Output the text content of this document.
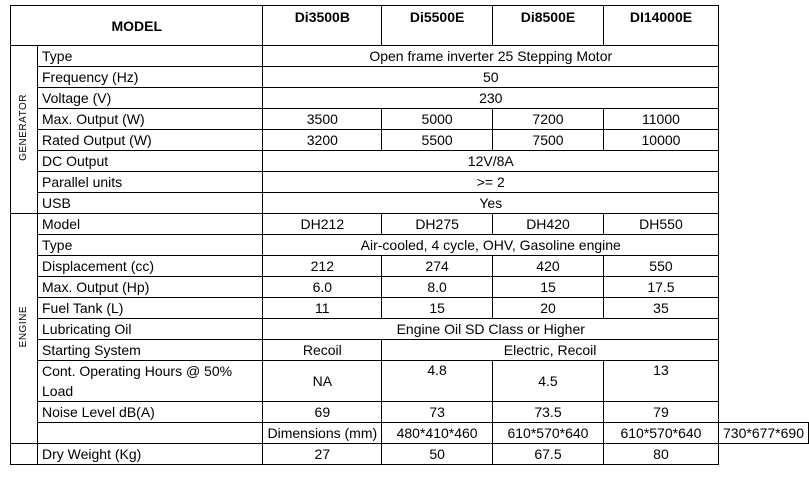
MODEL		Di3500B	Di5500E	Di8500E	DI14000E	
GENERATOR	Type	Open frame inverter 25 Stepping Motor				
	Frequency (Hz)	50				
	Voltage (V)	230				
	Max. Output (W)	3500	5000	7200	11000	
	Rated Output (W)	3200	5500	7500	10000	
	DC Output	12V/8A				
	Parallel units	>= 2				
	USB	Yes				
ENGINE	Model	DH212	DH275	DH420	DH550	
	Type	Air-cooled, 4 cycle, OHV, Gasoline engine				
	Displacement (cc)	212	274	420	550	
	Max. Output (Hp)	6.0	8.0	15	17.5	
	Fuel Tank (L)	11	15	20	35	
	Lubricating Oil	Engine Oil SD Class or Higher				
	Starting System	Recoil	Electric, Recoil			

	Cont. Operating Hours @ 50%
Load	NA	4.8	4.5	13	
	Noise Level dB(A)	69	73	73.5	79	
		Dimensions (mm)	480*410*460	610*570*640	610*570*640	730*677*690
	Dry Weight (Kg)	27	50	67.5	80	
